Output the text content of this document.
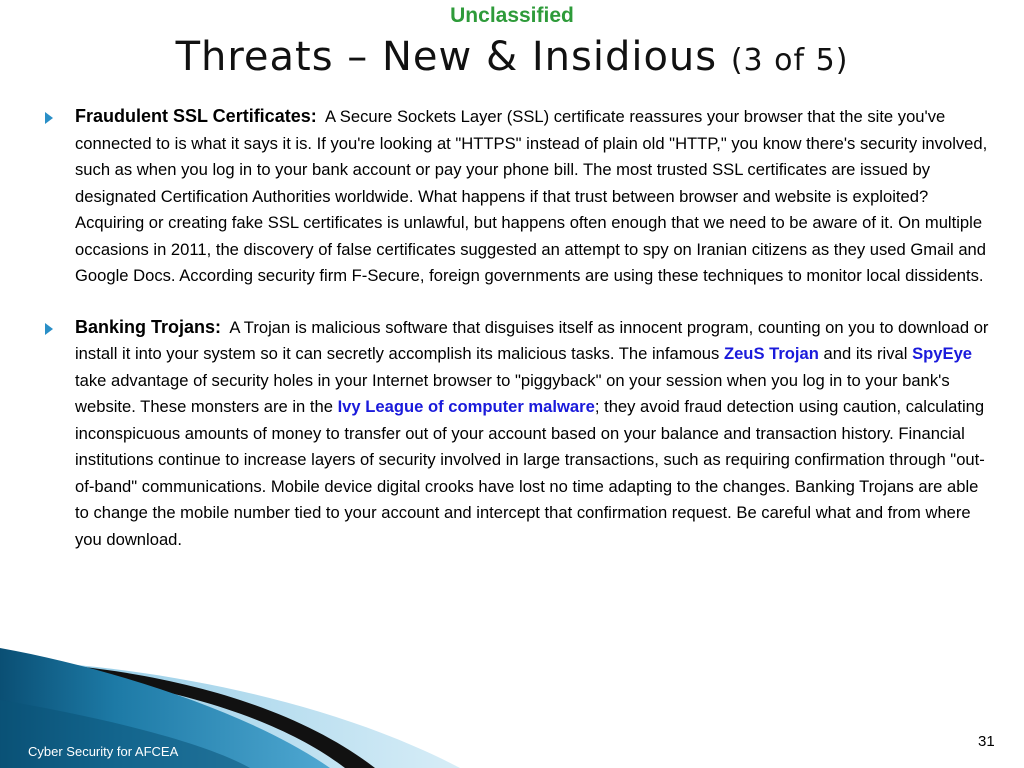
Unclassified
Threats – New & Insidious (3 of 5)
Fraudulent SSL Certificates: A Secure Sockets Layer (SSL) certificate reassures your browser that the site you've connected to is what it says it is. If you're looking at "HTTPS" instead of plain old "HTTP," you know there's security involved, such as when you log in to your bank account or pay your phone bill. The most trusted SSL certificates are issued by designated Certification Authorities worldwide. What happens if that trust between browser and website is exploited? Acquiring or creating fake SSL certificates is unlawful, but happens often enough that we need to be aware of it. On multiple occasions in 2011, the discovery of false certificates suggested an attempt to spy on Iranian citizens as they used Gmail and Google Docs. According security firm F-Secure, foreign governments are using these techniques to monitor local dissidents.
Banking Trojans: A Trojan is malicious software that disguises itself as innocent program, counting on you to download or install it into your system so it can secretly accomplish its malicious tasks. The infamous ZeuS Trojan and its rival SpyEye take advantage of security holes in your Internet browser to "piggyback" on your session when you log in to your bank's website. These monsters are in the Ivy League of computer malware; they avoid fraud detection using caution, calculating inconspicuous amounts of money to transfer out of your account based on your balance and transaction history. Financial institutions continue to increase layers of security involved in large transactions, such as requiring confirmation through "out-of-band" communications. Mobile device digital crooks have lost no time adapting to the changes. Banking Trojans are able to change the mobile number tied to your account and intercept that confirmation request. Be careful what and from where you download.
Cyber Security for AFCEA
31
